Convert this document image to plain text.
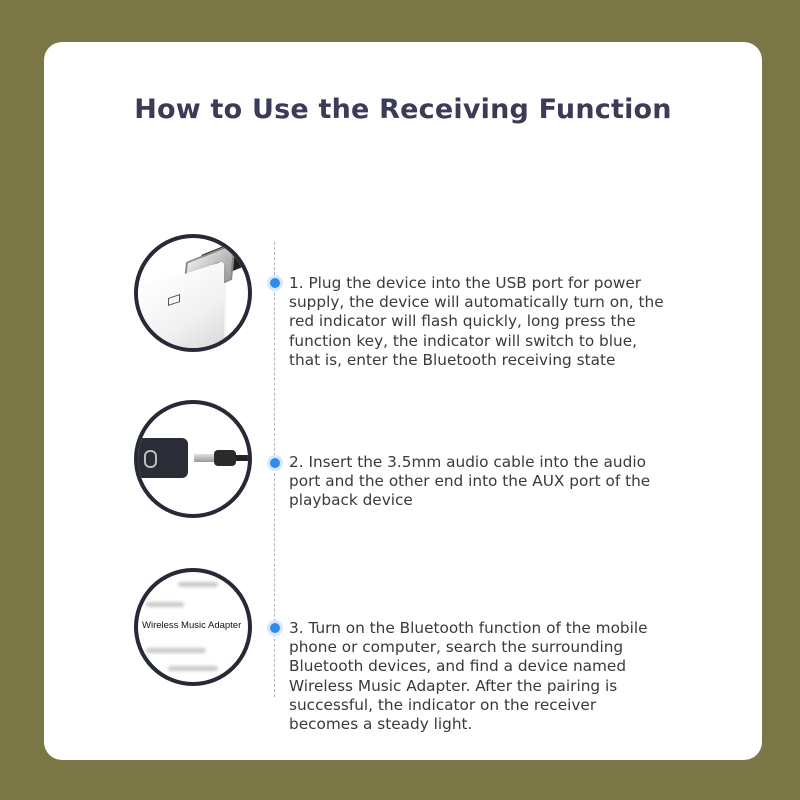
How to Use the Receiving Function
1. Plug the device into the USB port for power supply, the device will automatically turn on, the red indicator will flash quickly, long press the function key, the indicator will switch to blue, that is, enter the Bluetooth receiving state
2. Insert the 3.5mm audio cable into the audio port and the other end into the AUX port of the playback device
Wireless Music Adapter	3. Turn on the Bluetooth function of the mobile phone or computer, search the surrounding Bluetooth devices, and find a device named Wireless Music Adapter. After the pairing is successful, the indicator on the receiver becomes a steady light.
